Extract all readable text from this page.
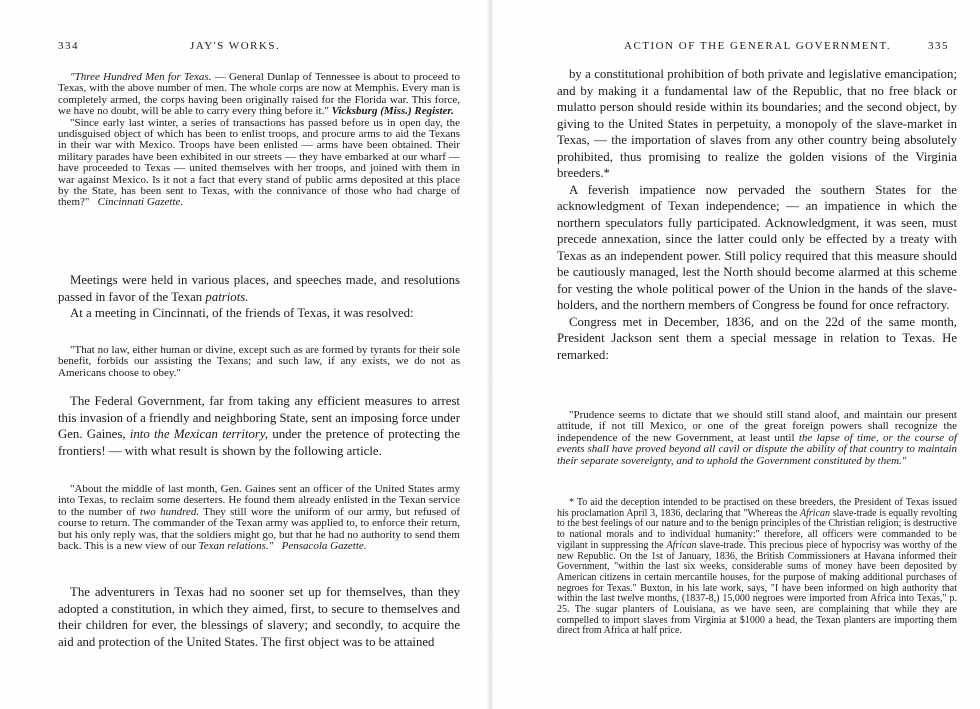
334	JAY'S WORKS.

"Three Hundred Men for Texas. — General Dunlap of Tennessee is about to proceed to Texas, with the above number of men. The whole corps are now at Memphis. Every man is completely armed, the corps having been originally raised for the Florida war. This force, we have no doubt, will be able to carry every thing before it." Vicksburg (Miss.) Register.

"Since early last winter, a series of transactions has passed before us in open day, the undisguised object of which has been to enlist troops, and procure arms to aid the Texans in their war with Mexico. Troops have been enlisted — arms have been obtained. Their military parades have been exhibited in our streets — they have embarked at our wharf — have proceeded to Texas — united themselves with her troops, and joined with them in war against Mexico. Is it not a fact that every stand of public arms deposited at this place by the State, has been sent to Texas, with the connivance of those who had charge of them?" Cincinnati Gazette.

Meetings were held in various places, and speeches made, and resolutions passed in favor of the Texan patriots.

At a meeting in Cincinnati, of the friends of Texas, it was resolved:

"That no law, either human or divine, except such as are formed by tyrants for their sole benefit, forbids our assisting the Texans; and such law, if any exists, we do not as Americans choose to obey."

The Federal Government, far from taking any efficient measures to arrest this invasion of a friendly and neighboring State, sent an imposing force under Gen. Gaines, into the Mexican territory, under the pretence of protecting the frontiers! — with what result is shown by the following article.

"About the middle of last month, Gen. Gaines sent an officer of the United States army into Texas, to reclaim some deserters. He found them already enlisted in the Texan service to the number of two hundred. They still wore the uniform of our army, but refused of course to return. The commander of the Texan army was applied to, to enforce their return, but his only reply was, that the soldiers might go, but that he had no authority to send them back. This is a new view of our Texan relations." Pensacola Gazette.

The adventurers in Texas had no sooner set up for themselves, than they adopted a constitution, in which they aimed, first, to secure to themselves and their children for ever, the blessings of slavery; and secondly, to acquire the aid and protection of the United States. The first object was to be attained

ACTION OF THE GENERAL GOVERNMENT.	335

by a constitutional prohibition of both private and legislative emancipation; and by making it a fundamental law of the Republic, that no free black or mulatto person should reside within its boundaries; and the second object, by giving to the United States in perpetuity, a monopoly of the slave-market in Texas, — the importation of slaves from any other country being absolutely prohibited, thus promising to realize the golden visions of the Virginia breeders.*

A feverish impatience now pervaded the southern States for the acknowledgment of Texan independence; — an impatience in which the northern speculators fully participated. Acknowledgment, it was seen, must precede annexation, since the latter could only be effected by a treaty with Texas as an independent power. Still policy required that this measure should be cautiously managed, lest the North should become alarmed at this scheme for vesting the whole political power of the Union in the hands of the slave-holders, and the northern members of Congress be found for once refractory.

Congress met in December, 1836, and on the 22d of the same month, President Jackson sent them a special message in relation to Texas. He remarked:

"Prudence seems to dictate that we should still stand aloof, and maintain our present attitude, if not till Mexico, or one of the great foreign powers shall recognize the independence of the new Government, at least until the lapse of time, or the course of events shall have proved beyond all cavil or dispute the ability of that country to maintain their separate sovereignty, and to uphold the Government constituted by them."

* To aid the deception intended to be practised on these breeders, the President of Texas issued his proclamation April 3, 1836, declaring that "Whereas the African slave-trade is equally revolting to the best feelings of our nature and to the benign principles of the Christian religion; is destructive to national morals and to individual humanity:" therefore, all officers were commanded to be vigilant in suppressing the African slave-trade. This precious piece of hypocrisy was worthy of the new Republic. On the 1st of January, 1836, the British Commissioners at Havana informed their Government, "within the last six weeks, considerable sums of money have been deposited by American citizens in certain mercantile houses, for the purpose of making additional purchases of negroes for Texas." Buxton, in his late work, says, "I have been informed on high authority that within the last twelve months, (1837-8,) 15,000 negroes were imported from Africa into Texas," p. 25. The sugar planters of Louisiana, as we have seen, are complaining that while they are compelled to import slaves from Virginia at $1000 a head, the Texan planters are importing them direct from Africa at half price.
